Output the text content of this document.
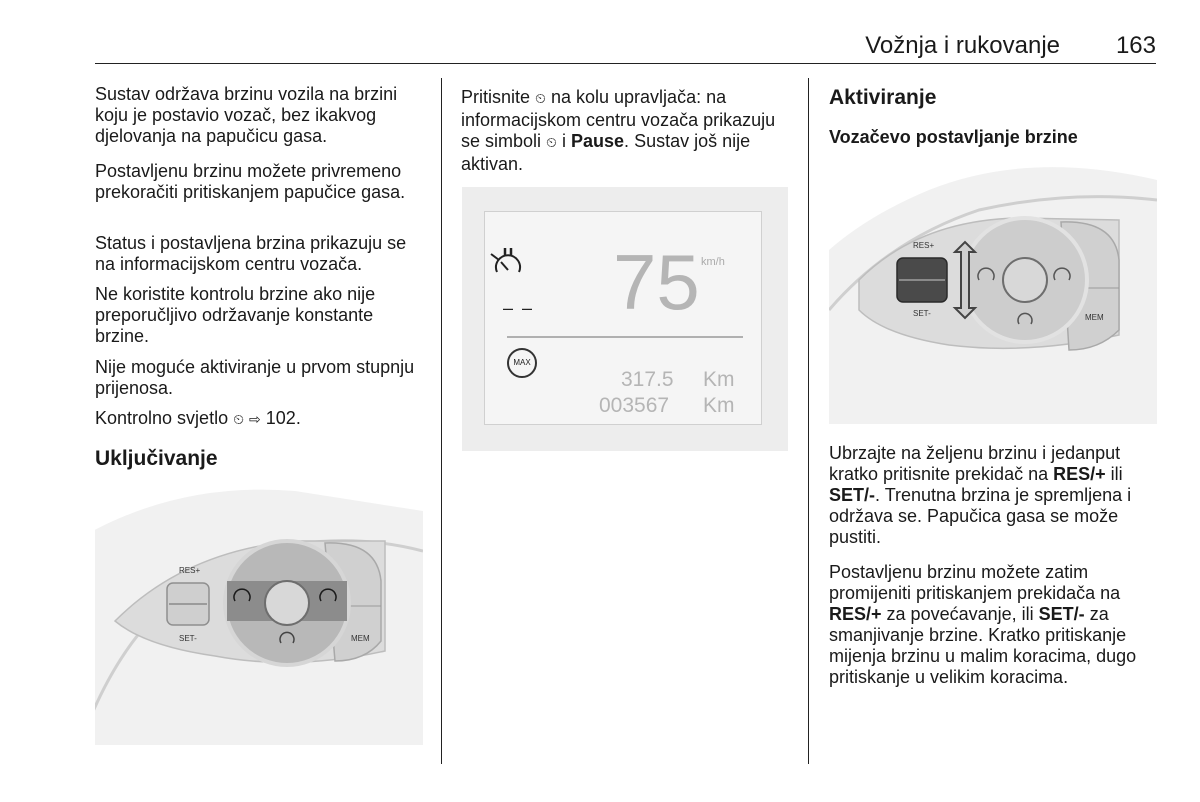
Vožnja i rukovanje 163

Sustav održava brzinu vozila na brzini koju je postavio vozač, bez ikakvog djelovanja na papučicu gasa.

Postavljenu brzinu možete privremeno prekoračiti pritiskanjem papučice gasa.

Status i postavljena brzina prikazuju se na informacijskom centru vozača.

Ne koristite kontrolu brzine ako nije preporučljivo održavanje konstante brzine.

Nije moguće aktiviranje u prvom stupnju prijenosa.

Kontrolno svjetlo ⏲ ⇨ 102.

Uključivanje
RES+
SET-	MEM

Pritisnite ⏲ na kolu upravljača: na informacijskom centru vozača prikazuju se simboli ⏲ i Pause. Sustav još nije aktivan.

– – 75 km/h
MAX
317.5 Km
003567 Km
Aktiviranje
Vozačevo postavljanje brzine
RES+
SET-	MEM

Ubrzajte na željenu brzinu i jedanput kratko pritisnite prekidač na RES/+ ili SET/-. Trenutna brzina je spremljena i održava se. Papučica gasa se može pustiti.

Postavljenu brzinu možete zatim promijeniti pritiskanjem prekidača na RES/+ za povećavanje, ili SET/- za smanjivanje brzine. Kratko pritiskanje mijenja brzinu u malim koracima, dugo pritiskanje u velikim koracima.
